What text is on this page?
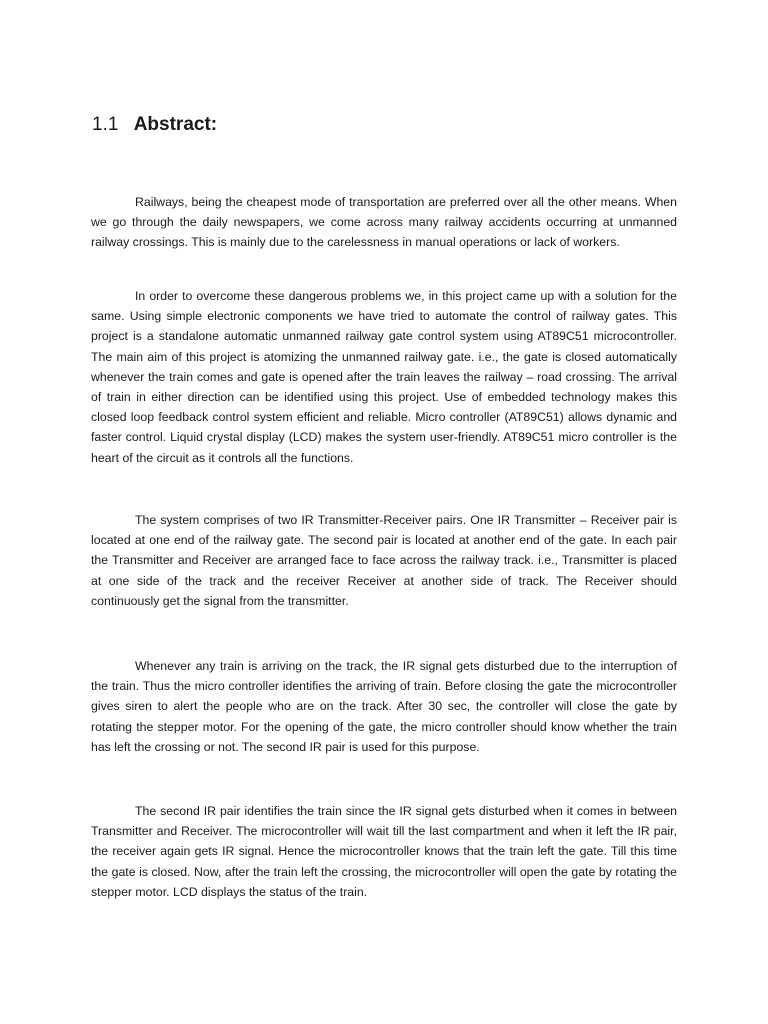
1.1 Abstract:

Railways, being the cheapest mode of transportation are preferred over all the other means. When we go through the daily newspapers, we come across many railway accidents occurring at unmanned railway crossings. This is mainly due to the carelessness in manual operations or lack of workers.

In order to overcome these dangerous problems we, in this project came up with a solution for the same. Using simple electronic components we have tried to automate the control of railway gates. This project is a standalone automatic unmanned railway gate control system using AT89C51 microcontroller. The main aim of this project is atomizing the unmanned railway gate. i.e., the gate is closed automatically whenever the train comes and gate is opened after the train leaves the railway – road crossing. The arrival of train in either direction can be identified using this project. Use of embedded technology makes this closed loop feedback control system efficient and reliable. Micro controller (AT89C51) allows dynamic and faster control. Liquid crystal display (LCD) makes the system user-friendly. AT89C51 micro controller is the heart of the circuit as it controls all the functions.

The system comprises of two IR Transmitter-Receiver pairs. One IR Transmitter – Receiver pair is located at one end of the railway gate. The second pair is located at another end of the gate. In each pair the Transmitter and Receiver are arranged face to face across the railway track. i.e., Transmitter is placed at one side of the track and the receiver Receiver at another side of track. The Receiver should continuously get the signal from the transmitter.

Whenever any train is arriving on the track, the IR signal gets disturbed due to the interruption of the train. Thus the micro controller identifies the arriving of train. Before closing the gate the microcontroller gives siren to alert the people who are on the track. After 30 sec, the controller will close the gate by rotating the stepper motor. For the opening of the gate, the micro controller should know whether the train has left the crossing or not. The second IR pair is used for this purpose.

The second IR pair identifies the train since the IR signal gets disturbed when it comes in between Transmitter and Receiver. The microcontroller will wait till the last compartment and when it left the IR pair, the receiver again gets IR signal. Hence the microcontroller knows that the train left the gate. Till this time the gate is closed. Now, after the train left the crossing, the microcontroller will open the gate by rotating the stepper motor. LCD displays the status of the train.
